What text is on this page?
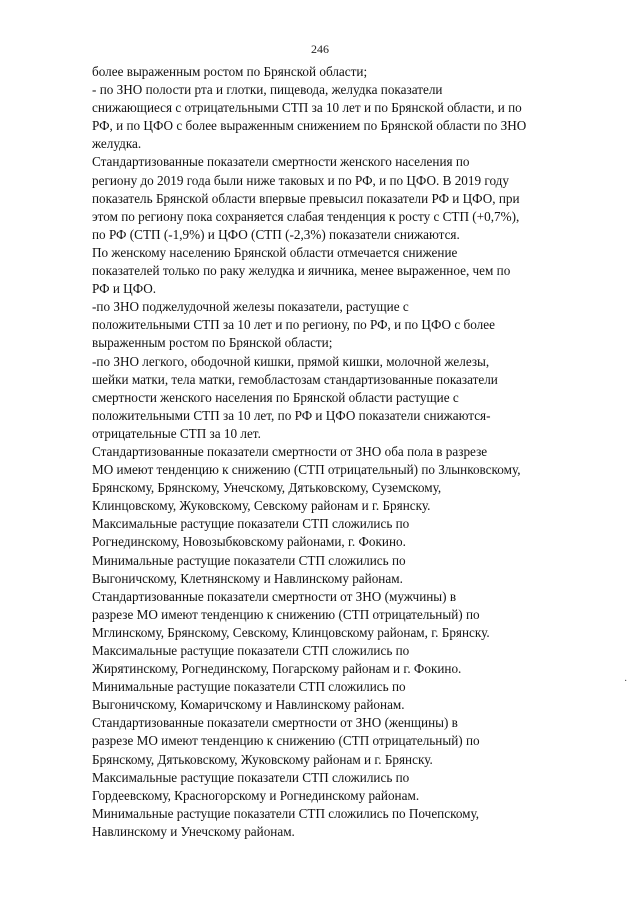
246

более выраженным ростом по Брянской области;

- по ЗНО полости рта и глотки, пищевода, желудка показатели
снижающиеся с отрицательными СТП за 10 лет и по Брянской области, и по
РФ, и по ЦФО с более выраженным снижением по Брянской области по ЗНО
желудка.

Стандартизованные показатели смертности женского населения по
региону до 2019 года были ниже таковых и по РФ, и по ЦФО. В 2019 году
показатель Брянской области впервые превысил показатели РФ и ЦФО, при
этом по региону пока сохраняется слабая тенденция к росту с СТП (+0,7%),
по РФ (СТП (-1,9%) и ЦФО (СТП (-2,3%) показатели снижаются.

По женскому населению Брянской области отмечается снижение
показателей только по раку желудка и яичника, менее выраженное, чем по
РФ и ЦФО.

-по ЗНО поджелудочной железы показатели, растущие с
положительными СТП за 10 лет и по региону, по РФ, и по ЦФО с более
выраженным ростом по Брянской области;

-по ЗНО легкого, ободочной кишки, прямой кишки, молочной железы,
шейки матки, тела матки, гемобластозам стандартизованные показатели
смертности женского населения по Брянской области растущие с
положительными СТП за 10 лет, по РФ и ЦФО показатели снижаются-
отрицательные СТП за 10 лет.

Стандартизованные показатели смертности от ЗНО оба пола в разрезе
МО имеют тенденцию к снижению (СТП отрицательный) по Злынковскому,
Брянскому, Брянскому, Унечскому, Дятьковскому, Суземскому,
Клинцовскому, Жуковскому, Севскому районам и г. Брянску.

Максимальные растущие показатели СТП сложились по
Рогнединскому, Новозыбковскому районами, г. Фокино.

Минимальные растущие показатели СТП сложились по
Выгоничскому, Клетнянскому и Навлинскому районам.

Стандартизованные показатели смертности от ЗНО (мужчины) в
разрезе МО имеют тенденцию к снижению (СТП отрицательный) по
Мглинскому, Брянскому, Севскому, Клинцовскому районам, г. Брянску.

Максимальные растущие показатели СТП сложились по
Жирятинскому, Рогнединскому, Погарскому районам и г. Фокино.

Минимальные растущие показатели СТП сложились по
Выгоничскому, Комаричскому и Навлинскому районам.

Стандартизованные показатели смертности от ЗНО (женщины) в
разрезе МО имеют тенденцию к снижению (СТП отрицательный) по
Брянскому, Дятьковскому, Жуковскому районам и г. Брянску.

Максимальные растущие показатели СТП сложились по
Гордеевскому, Красногорскому и Рогнединскому районам.

Минимальные растущие показатели СТП сложились по Почепскому,
Навлинскому и Унечскому районам.

·
